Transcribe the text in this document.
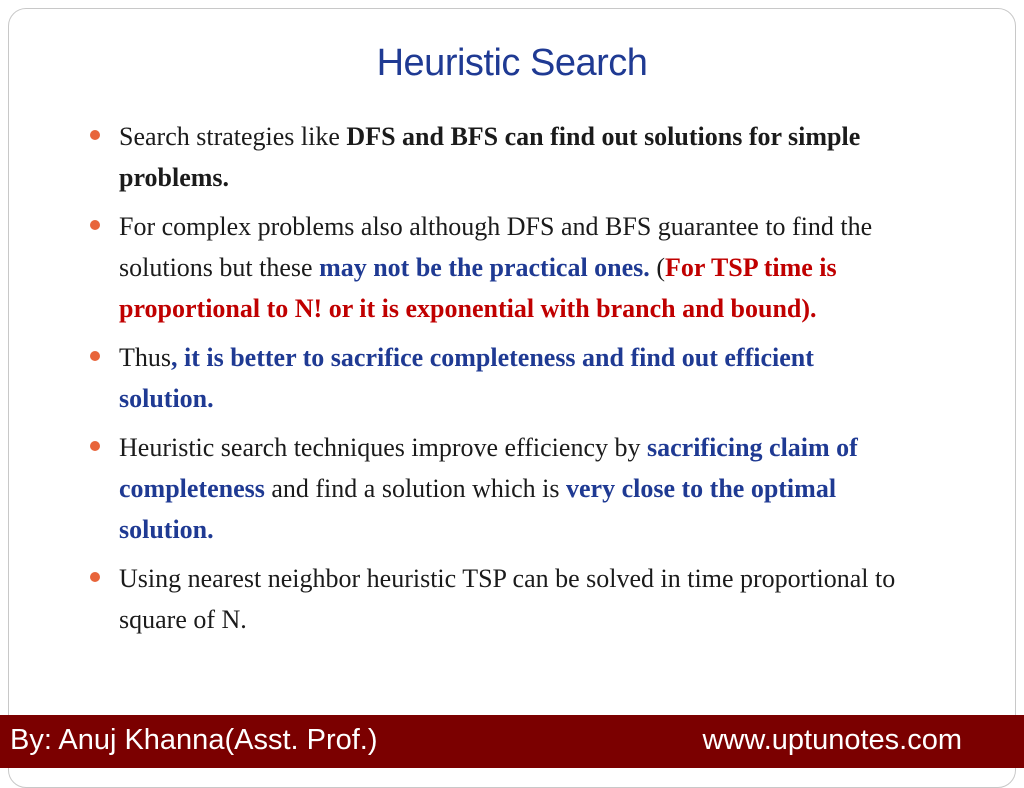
Heuristic Search
Search strategies like DFS and BFS can find out solutions for simple problems.
For complex problems also although DFS and BFS guarantee to find the solutions but these may not be the practical ones. (For TSP time is proportional to N! or it is exponential with branch and bound).
Thus, it is better to sacrifice completeness and find out efficient solution.
Heuristic search techniques improve efficiency by sacrificing claim of completeness and find a solution which is very close to the optimal solution.
Using nearest neighbor heuristic TSP can be solved in time proportional to square of N.
By: Anuj Khanna(Asst. Prof.)	www.uptunotes.com
